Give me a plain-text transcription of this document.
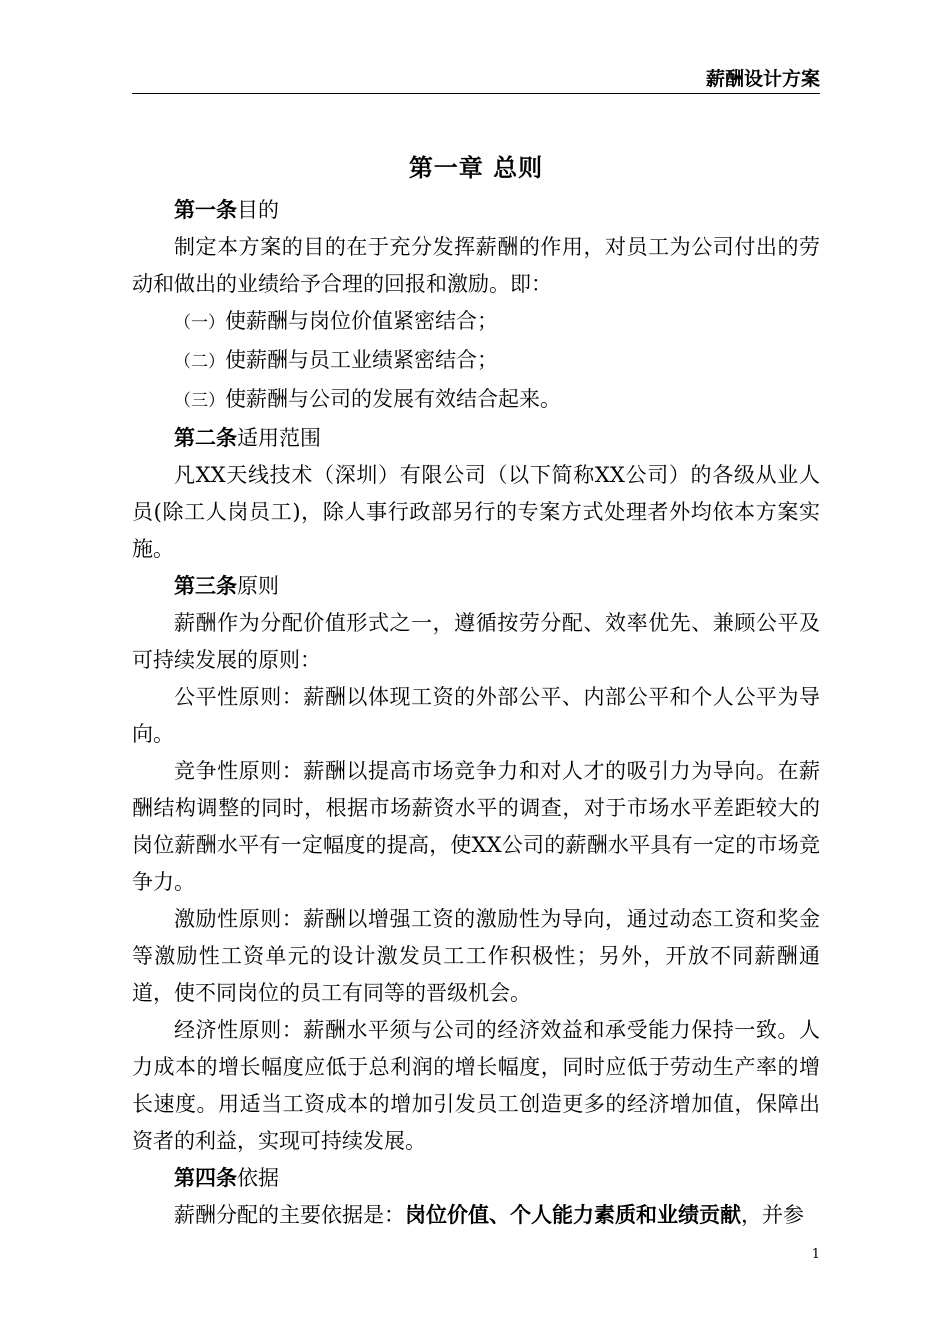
薪酬设计方案
第一章 总则

第一条目的

制定本方案的目的在于充分发挥薪酬的作用，对员工为公司付出的劳动和做出的业绩给予合理的回报和激励。即：

（一）使薪酬与岗位价值紧密结合；

（二）使薪酬与员工业绩紧密结合；

（三）使薪酬与公司的发展有效结合起来。

第二条适用范围

凡XX天线技术（深圳）有限公司（以下简称XX公司）的各级从业人员(除工人岗员工)，除人事行政部另行的专案方式处理者外均依本方案实施。

第三条原则

薪酬作为分配价值形式之一，遵循按劳分配、效率优先、兼顾公平及可持续发展的原则：

公平性原则：薪酬以体现工资的外部公平、内部公平和个人公平为导向。

竞争性原则：薪酬以提高市场竞争力和对人才的吸引力为导向。在薪酬结构调整的同时，根据市场薪资水平的调查，对于市场水平差距较大的岗位薪酬水平有一定幅度的提高，使XX公司的薪酬水平具有一定的市场竞争力。

激励性原则：薪酬以增强工资的激励性为导向，通过动态工资和奖金等激励性工资单元的设计激发员工工作积极性；另外，开放不同薪酬通道，使不同岗位的员工有同等的晋级机会。

经济性原则：薪酬水平须与公司的经济效益和承受能力保持一致。人力成本的增长幅度应低于总利润的增长幅度，同时应低于劳动生产率的增长速度。用适当工资成本的增加引发员工创造更多的经济增加值，保障出资者的利益，实现可持续发展。

第四条依据

薪酬分配的主要依据是：岗位价值、个人能力素质和业绩贡献，并参

1
